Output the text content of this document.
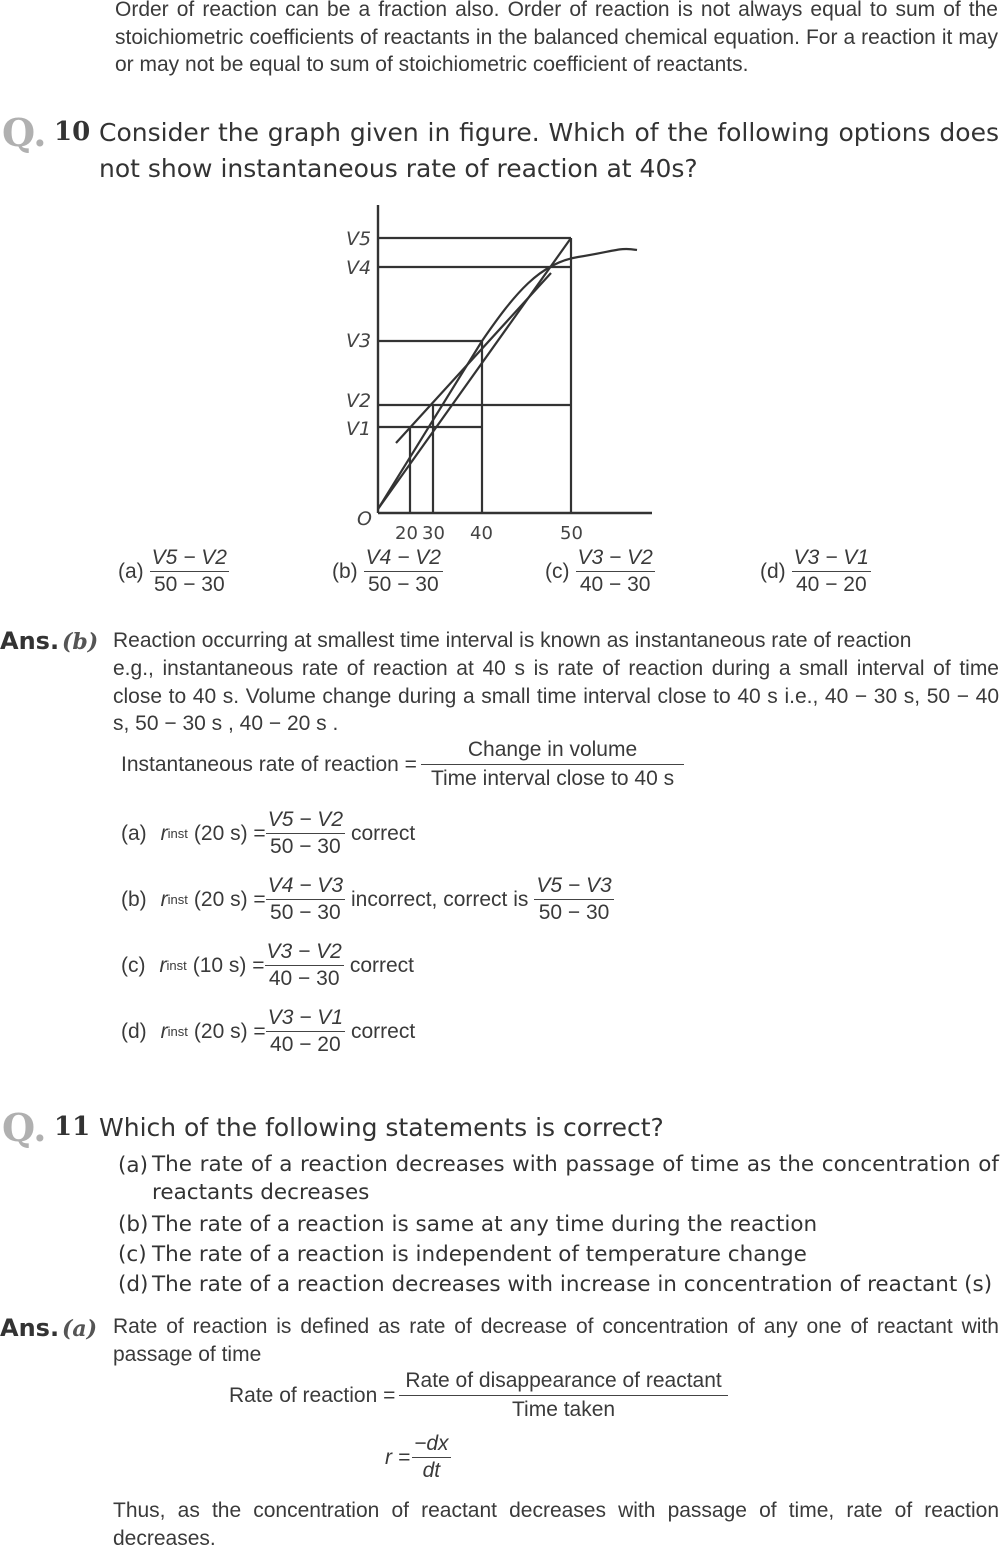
Order of reaction can be a fraction also. Order of reaction is not always equal to sum of the stoichiometric coefficients of reactants in the balanced chemical equation. For a reaction it may or may not be equal to sum of stoichiometric coefficient of reactants.
Q. 10 Consider the graph given in figure. Which of the following options does not show instantaneous rate of reaction at 40s?
V5
V4
V3
V2
V1
O
20 30 40	50
$(a) \frac{V5 - V2}{50 - 30}$	$(b) \frac{V4 - V2}{50 - 30}$	$(c) \frac{V3 - V2}{40 - 30}$	$(d) \frac{V3 - V1}{40 - 20}$
Ans. (b) Reaction occurring at smallest time interval is known as instantaneous rate of reaction
e.g., instantaneous rate of reaction at 40 s is rate of reaction during a small interval of time close to 40 s. Volume change during a small time interval close to 40 s i.e., 40 − 30 s, 50 − 40 s, 50 − 30 s , 40 − 20 s .
Instantaneous rate of reaction = $\frac{\text{Change in volume}}{\text{Time interval close to 40 s}}$
(a) r inst (20 $s) = \frac{V5 - V2}{50 - 30}$ correct
(b) r inst (20 $s) = \frac{V4 - V3}{50 - 30}$ incorrect, correct is $\frac{V5 - V3}{50 - 30}$
(c) r inst (10 $s) = \frac{V3 - V2}{40 - 30}$ correct
(d) r inst (20 $s) = \frac{V3 - V1}{40 - 20}$ correct
Q. 11 Which of the following statements is correct?
(a) The rate of a reaction decreases with passage of time as the concentration of reactants decreases
(b) The rate of a reaction is same at any time during the reaction
(c) The rate of a reaction is independent of temperature change
(d) The rate of a reaction decreases with increase in concentration of reactant (s)
Ans. (a) Rate of reaction is defined as rate of decrease of concentration of any one of reactant with passage of time
Rate of reaction = $\frac{\text{Rate of disappearance of reactant}}{\text{Time taken}}$
$r = \frac{-dx}{dt}$
Thus, as the concentration of reactant decreases with passage of time, rate of reaction decreases.
